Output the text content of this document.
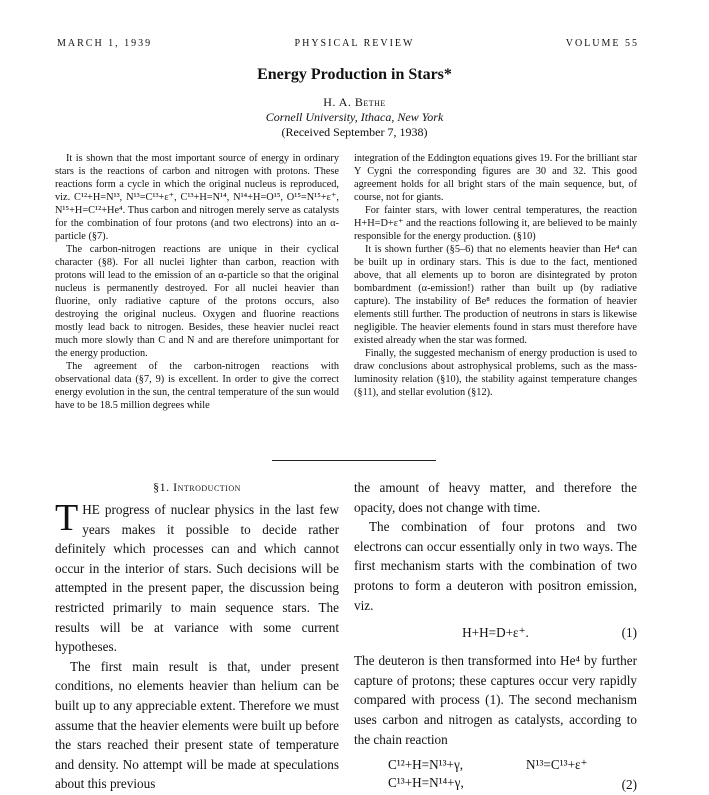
MARCH 1, 1939	PHYSICAL REVIEW	VOLUME 55
Energy Production in Stars*
H. A. Bethe
Cornell University, Ithaca, New York
(Received September 7, 1938)

It is shown that the most important source of energy in ordinary stars is the reactions of carbon and nitrogen with protons. These reactions form a cycle in which the original nucleus is reproduced, viz. C¹²+H=N¹³, N¹³=C¹³+ε⁺, C¹³+H=N¹⁴, N¹⁴+H=O¹⁵, O¹⁵=N¹⁵+ε⁺, N¹⁵+H=C¹²+He⁴. Thus carbon and nitrogen merely serve as catalysts for the combination of four protons (and two electrons) into an α-particle (§7).

The carbon-nitrogen reactions are unique in their cyclical character (§8). For all nuclei lighter than carbon, reaction with protons will lead to the emission of an α-particle so that the original nucleus is permanently destroyed. For all nuclei heavier than fluorine, only radiative capture of the protons occurs, also destroying the original nucleus. Oxygen and fluorine reactions mostly lead back to nitrogen. Besides, these heavier nuclei react much more slowly than C and N and are therefore unimportant for the energy production.

The agreement of the carbon-nitrogen reactions with observational data (§7, 9) is excellent. In order to give the correct energy evolution in the sun, the central temperature of the sun would have to be 18.5 million degrees while

integration of the Eddington equations gives 19. For the brilliant star Y Cygni the corresponding figures are 30 and 32. This good agreement holds for all bright stars of the main sequence, but, of course, not for giants.

For fainter stars, with lower central temperatures, the reaction H+H=D+ε⁺ and the reactions following it, are believed to be mainly responsible for the energy production. (§10)

It is shown further (§5–6) that no elements heavier than He⁴ can be built up in ordinary stars. This is due to the fact, mentioned above, that all elements up to boron are disintegrated by proton bombardment (α-emission!) rather than built up (by radiative capture). The instability of Be⁸ reduces the formation of heavier elements still further. The production of neutrons in stars is likewise negligible. The heavier elements found in stars must therefore have existed already when the star was formed.

Finally, the suggested mechanism of energy production is used to draw conclusions about astrophysical problems, such as the mass-luminosity relation (§10), the stability against temperature changes (§11), and stellar evolution (§12).

§1. Introduction

THE progress of nuclear physics in the last few years makes it possible to decide rather definitely which processes can and which cannot occur in the interior of stars. Such decisions will be attempted in the present paper, the discussion being restricted primarily to main sequence stars. The results will be at variance with some current hypotheses.

The first main result is that, under present conditions, no elements heavier than helium can be built up to any appreciable extent. Therefore we must assume that the heavier elements were built up before the stars reached their present state of temperature and density. No attempt will be made at speculations about this previous

the amount of heavy matter, and therefore the opacity, does not change with time.

The combination of four protons and two electrons can occur essentially only in two ways. The first mechanism starts with the combination of two protons to form a deuteron with positron emission, viz.

H+H=D+ε⁺.	(1)

The deuteron is then transformed into He⁴ by further capture of protons; these captures occur very rapidly compared with process (1). The second mechanism uses carbon and nitrogen as catalysts, according to the chain reaction

C¹²+H=N¹³+γ,	N¹³=C¹³+ε⁺
C¹³+H=N¹⁴+γ,	(2)
